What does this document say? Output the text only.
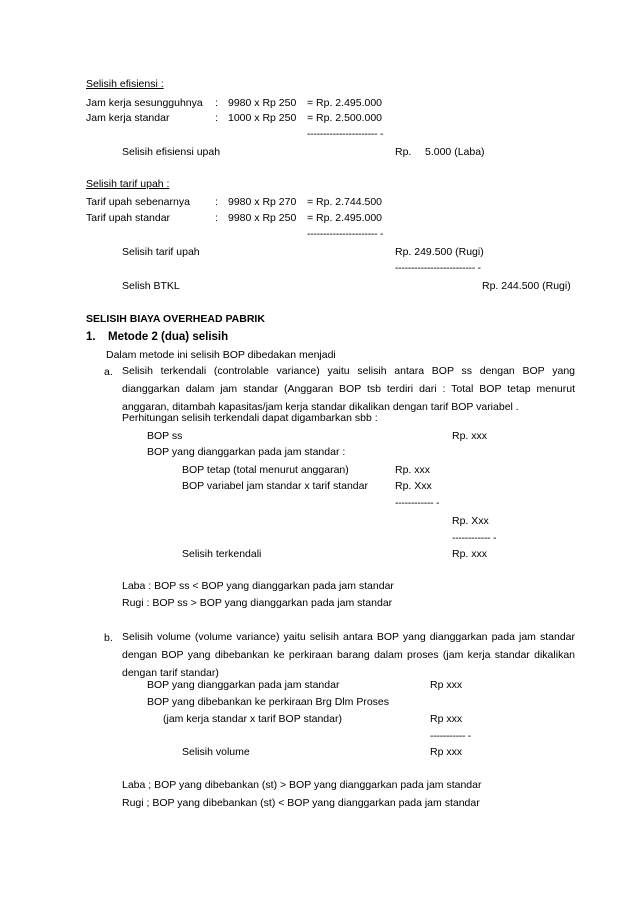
Selisih efisiensi :
Jam kerja sesungguhnya : 9980 x Rp 250 = Rp. 2.495.000
Jam kerja standar	: 1000 x Rp 250 = Rp. 2.500.000
---------------------- -
Selisih efisiensi upah	Rp. 5.000 (Laba)
Selisih tarif upah :
Tarif upah sebenarnya : 9980 x Rp 270 = Rp. 2.744.500
Tarif upah standar	: 9980 x Rp 250 = Rp. 2.495.000
---------------------- -
Selisih tarif upah	Rp. 249.500 (Rugi)
------------------------- -
Selish BTKL	Rp. 244.500 (Rugi)
SELISIH BIAYA OVERHEAD PABRIK
1. Metode 2 (dua) selisih
Dalam metode ini selisih BOP dibedakan menjadi
a. Selisih terkendali (controlable variance) yaitu selisih antara BOP ss dengan BOP yang dianggarkan dalam jam standar (Anggaran BOP tsb terdiri dari : Total BOP tetap menurut anggaran, ditambah kapasitas/jam kerja standar dikalikan dengan tarif BOP variabel .
Perhitungan selisih terkendali dapat digambarkan sbb :
BOP ss	Rp. xxx
BOP yang dianggarkan pada jam standar :
BOP tetap (total menurut anggaran)	Rp. xxx
BOP variabel jam standar x tarif standar	Rp. Xxx
------------ -
Rp. Xxx
------------ -
Selisih terkendali	Rp. xxx
Laba : BOP ss < BOP yang dianggarkan pada jam standar
Rugi : BOP ss > BOP yang dianggarkan pada jam standar
b. Selisih volume (volume variance) yaitu selisih antara BOP yang dianggarkan pada jam standar dengan BOP yang dibebankan ke perkiraan barang dalam proses (jam kerja standar dikalikan dengan tarif standar)
BOP yang dianggarkan pada jam standar	Rp xxx
BOP yang dibebankan ke perkiraan Brg Dlm Proses
(jam kerja standar x tarif BOP standar)	Rp xxx
----------- -
Selisih volume	Rp xxx
Laba ; BOP yang dibebankan (st) > BOP yang dianggarkan pada jam standar
Rugi ; BOP yang dibebankan (st) < BOP yang dianggarkan pada jam standar
